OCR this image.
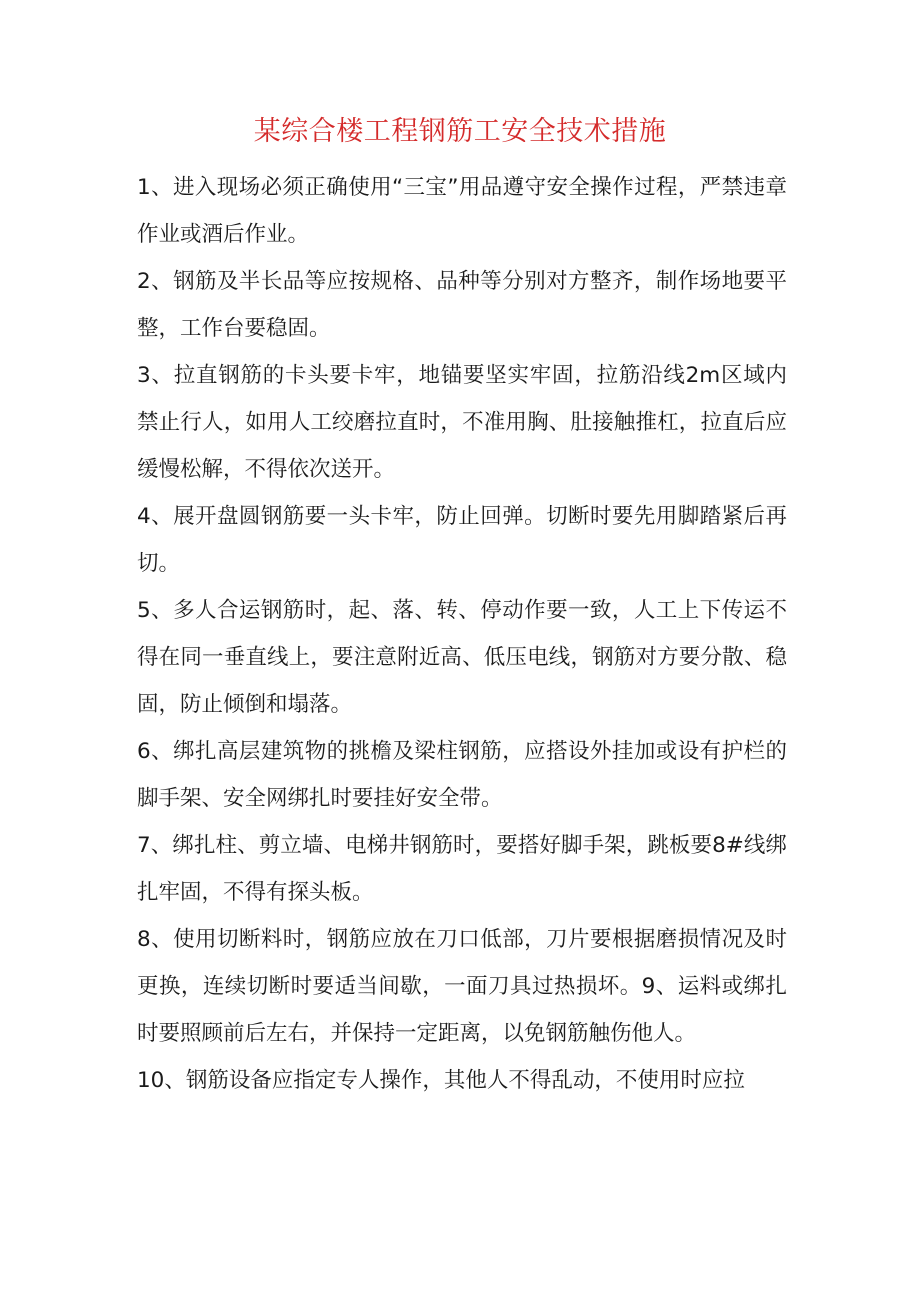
某综合楼工程钢筋工安全技术措施

1、进入现场必须正确使用“三宝”用品遵守安全操作过程，严禁违章作业或酒后作业。

2、钢筋及半长品等应按规格、品种等分别对方整齐，制作场地要平整，工作台要稳固。

3、拉直钢筋的卡头要卡牢，地锚要坚实牢固，拉筋沿线2m区域内禁止行人，如用人工绞磨拉直时，不准用胸、肚接触推杠，拉直后应缓慢松解，不得依次送开。

4、展开盘圆钢筋要一头卡牢，防止回弹。切断时要先用脚踏紧后再切。

5、多人合运钢筋时，起、落、转、停动作要一致，人工上下传运不得在同一垂直线上，要注意附近高、低压电线，钢筋对方要分散、稳固，防止倾倒和塌落。

6、绑扎高层建筑物的挑檐及梁柱钢筋，应搭设外挂加或设有护栏的脚手架、安全网绑扎时要挂好安全带。

7、绑扎柱、剪立墙、电梯井钢筋时，要搭好脚手架，跳板要8#线绑扎牢固，不得有探头板。

8、使用切断料时，钢筋应放在刀口低部，刀片要根据磨损情况及时更换，连续切断时要适当间歇，一面刀具过热损坏。9、运料或绑扎时要照顾前后左右，并保持一定距离，以免钢筋触伤他人。

10、钢筋设备应指定专人操作，其他人不得乱动，不使用时应拉
